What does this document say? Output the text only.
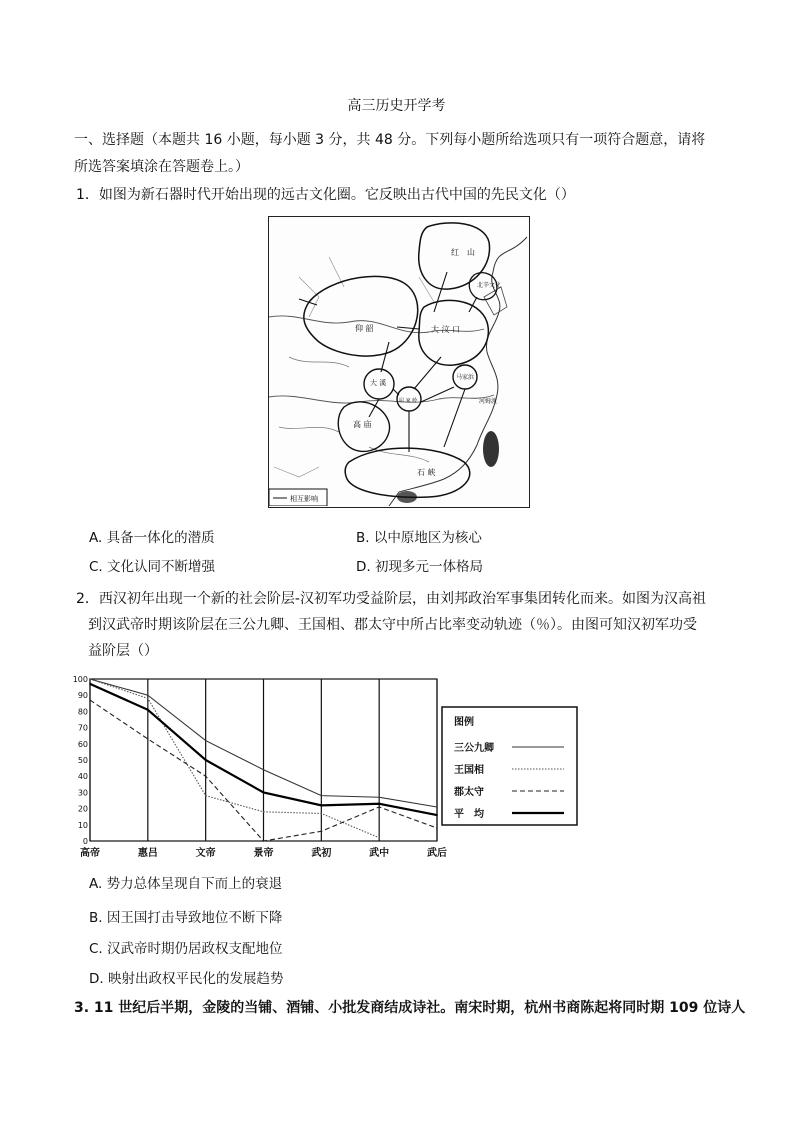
高三历史开学考
一、选择题（本题共 16 小题，每小题 3 分，共 48 分。下列每小题所给选项只有一项符合题意，请将
所选答案填涂在答题卷上。）
1．如图为新石器时代开始出现的远古文化圈。它反映出古代中国的先民文化（）
红　山
北辛文化
仰 韶	大 汶 口
大 溪
屈 家 岭
高 庙
马家浜
河姆渡
石 峡
相互影响
A. 具备一体化的潜质	B. 以中原地区为核心
C. 文化认同不断增强	D. 初现多元一体格局
2．西汉初年出现一个新的社会阶层-汉初军功受益阶层，由刘邦政治军事集团转化而来。如图为汉高祖
到汉武帝时期该阶层在三公九卿、王国相、郡太守中所占比率变动轨迹（％）。由图可知汉初军功受
益阶层（）
高帝	惠吕	文帝	景帝	武初	武中	武后
0
10
20
30
40
50
60
70
80
90
100
图例
三公九卿
王国相
郡太守
平　均
A. 势力总体呈现自下而上的衰退
B. 因王国打击导致地位不断下降
C. 汉武帝时期仍居政权支配地位
D. 映射出政权平民化的发展趋势
3. 11 世纪后半期，金陵的当铺、酒铺、小批发商结成诗社。南宋时期，杭州书商陈起将同时期 109 位诗人
